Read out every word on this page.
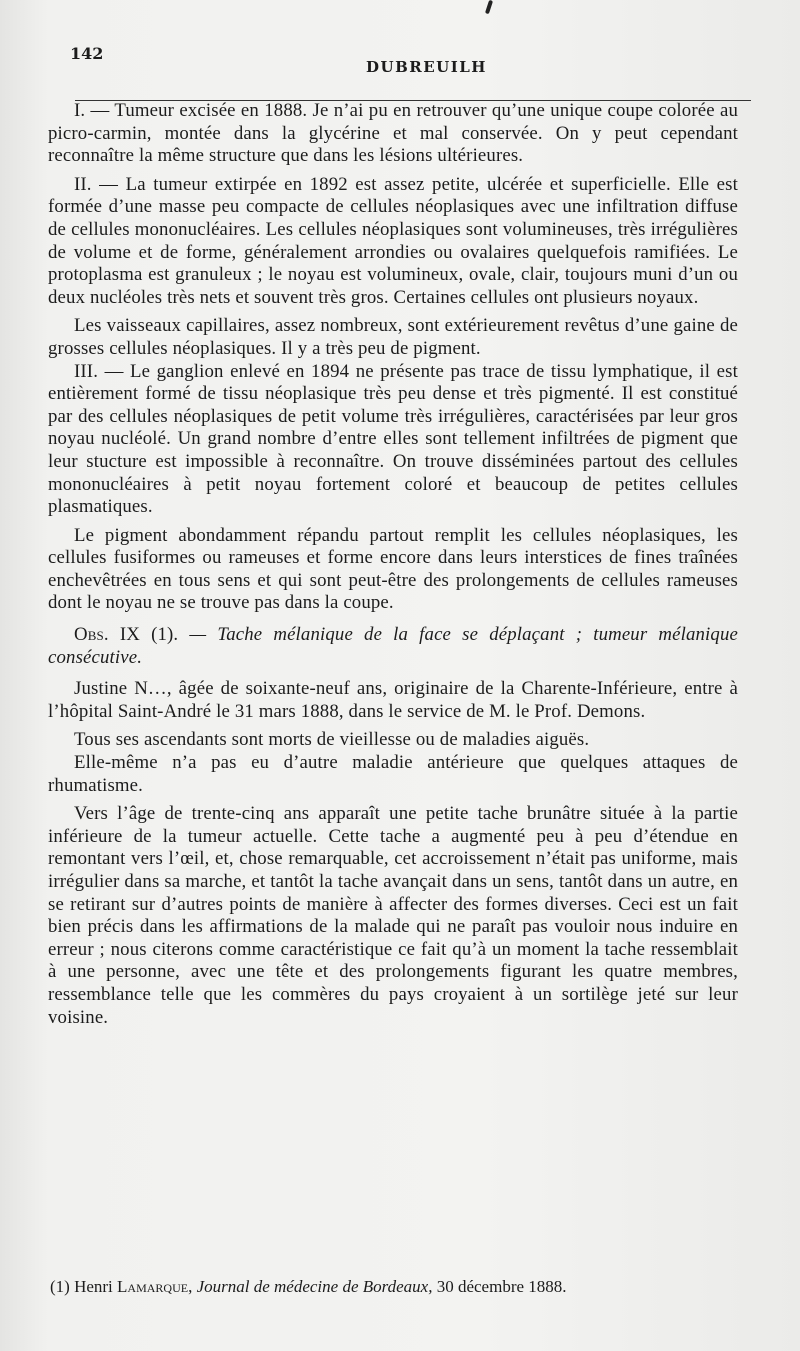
142
DUBREUILH

I. — Tumeur excisée en 1888. Je n’ai pu en retrouver qu’une unique coupe colorée au picro-carmin, montée dans la glycérine et mal conservée. On y peut cependant reconnaître la même structure que dans les lésions ultérieures.

II. — La tumeur extirpée en 1892 est assez petite, ulcérée et superficielle. Elle est formée d’une masse peu compacte de cellules néoplasiques avec une infiltration diffuse de cellules mononucléaires. Les cellules néoplasiques sont volumineuses, très irrégulières de volume et de forme, généralement arrondies ou ovalaires quelquefois ramifiées. Le protoplasma est granuleux ; le noyau est volumineux, ovale, clair, toujours muni d’un ou deux nucléoles très nets et souvent très gros. Certaines cellules ont plusieurs noyaux.

Les vaisseaux capillaires, assez nombreux, sont extérieurement revêtus d’une gaine de grosses cellules néoplasiques. Il y a très peu de pigment.

III. — Le ganglion enlevé en 1894 ne présente pas trace de tissu lymphatique, il est entièrement formé de tissu néoplasique très peu dense et très pigmenté. Il est constitué par des cellules néoplasiques de petit volume très irrégulières, caractérisées par leur gros noyau nucléolé. Un grand nombre d’entre elles sont tellement infiltrées de pigment que leur stucture est impossible à reconnaître. On trouve disséminées partout des cellules mononucléaires à petit noyau fortement coloré et beaucoup de petites cellules plasmatiques.

Le pigment abondamment répandu partout remplit les cellules néoplasiques, les cellules fusiformes ou rameuses et forme encore dans leurs interstices de fines traînées enchevêtrées en tous sens et qui sont peut-être des prolongements de cellules rameuses dont le noyau ne se trouve pas dans la coupe.

Obs. IX (1). — Tache mélanique de la face se déplaçant ; tumeur mélanique consécutive.

Justine N…, âgée de soixante-neuf ans, originaire de la Charente-Inférieure, entre à l’hôpital Saint-André le 31 mars 1888, dans le service de M. le Prof. Demons.

Tous ses ascendants sont morts de vieillesse ou de maladies aiguës.

Elle-même n’a pas eu d’autre maladie antérieure que quelques attaques de rhumatisme.

Vers l’âge de trente-cinq ans apparaît une petite tache brunâtre située à la partie inférieure de la tumeur actuelle. Cette tache a augmenté peu à peu d’étendue en remontant vers l’œil, et, chose remarquable, cet accroissement n’était pas uniforme, mais irrégulier dans sa marche, et tantôt la tache avançait dans un sens, tantôt dans un autre, en se retirant sur d’autres points de manière à affecter des formes diverses. Ceci est un fait bien précis dans les affirmations de la malade qui ne paraît pas vouloir nous induire en erreur ; nous citerons comme caractéristique ce fait qu’à un moment la tache ressemblait à une personne, avec une tête et des prolongements figurant les quatre membres, ressemblance telle que les commères du pays croyaient à un sortilège jeté sur leur voisine.

(1) Henri Lamarque, Journal de médecine de Bordeaux, 30 décembre 1888.
